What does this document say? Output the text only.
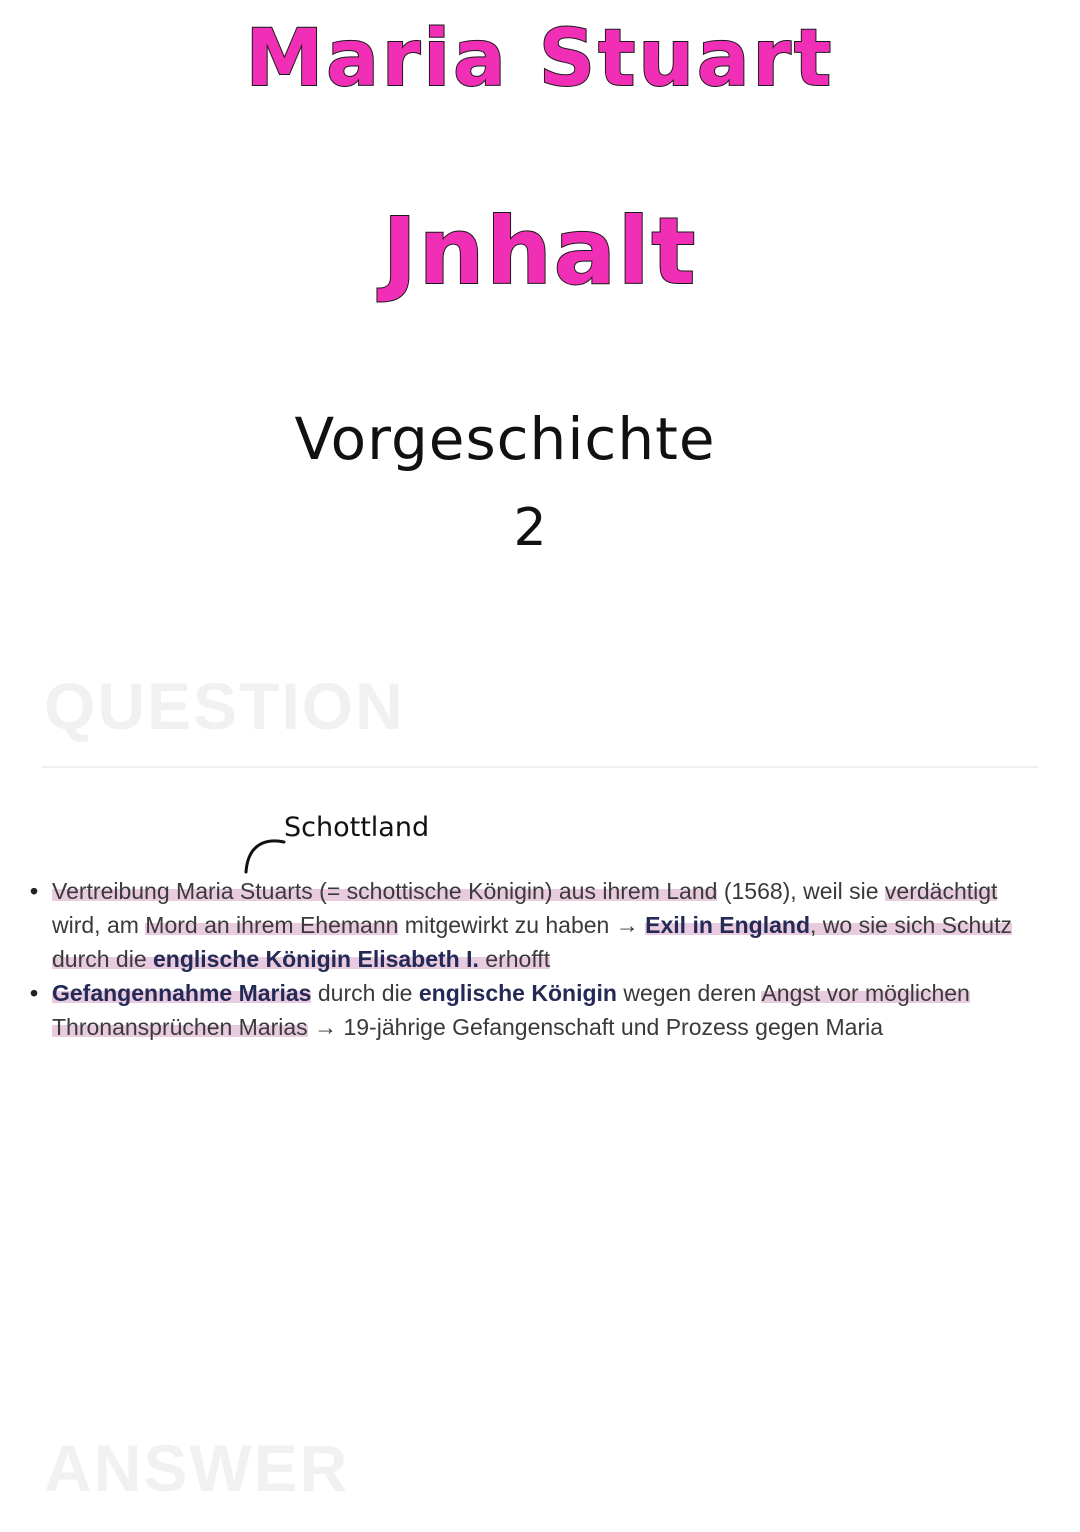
Maria Stuart
Jnhalt
Vorgeschichte
2
QUESTION
Schottland
• Vertreibung Maria Stuarts (= schottische Königin) aus ihrem Land (1568), weil sie verdächtigt wird, am Mord an ihrem Ehemann mitgewirkt zu haben → Exil in England, wo sie sich Schutz durch die englische Königin Elisabeth I. erhofft
• Gefangennahme Marias durch die englische Königin wegen deren Angst vor möglichen Thronansprüchen Marias → 19-jährige Gefangenschaft und Prozess gegen Maria
ANSWER
